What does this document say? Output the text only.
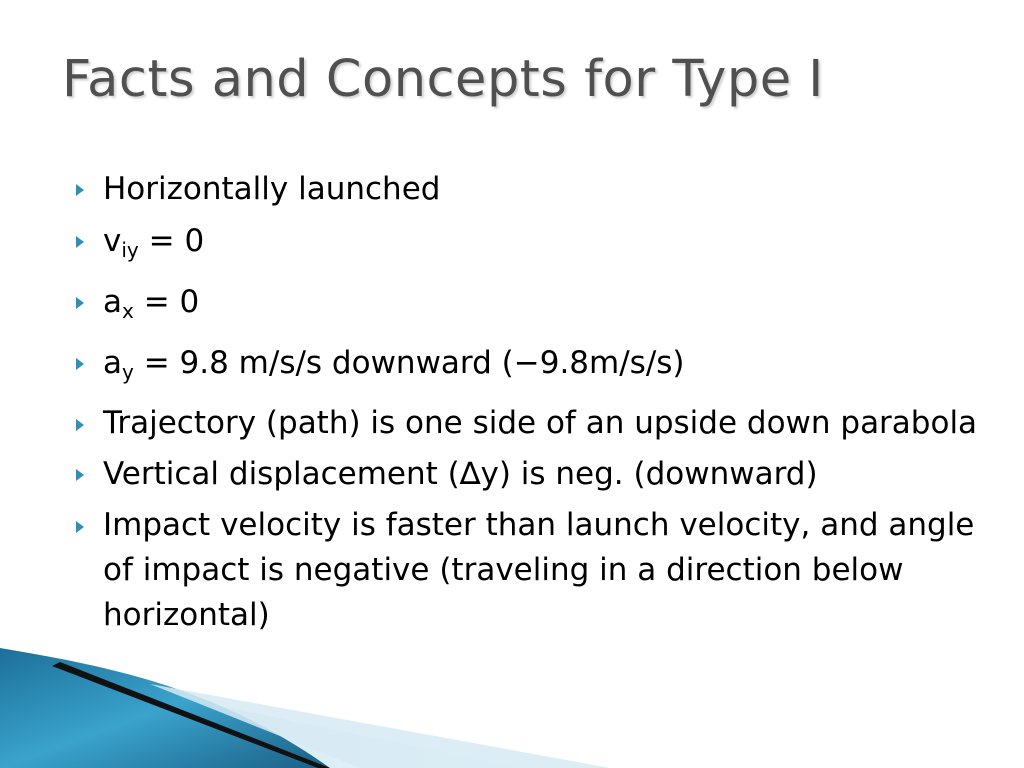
Facts and Concepts for Type I
Horizontally launched
$v_{iy} = 0$
$a_x = 0$
$a_y = 9.8$ m/s/s downward (−9.8m/s/s)
Trajectory (path) is one side of an upside down parabola
Vertical displacement (∆y) is neg. (downward)
Impact velocity is faster than launch velocity, and angle of impact is negative (traveling in a direction below horizontal)
